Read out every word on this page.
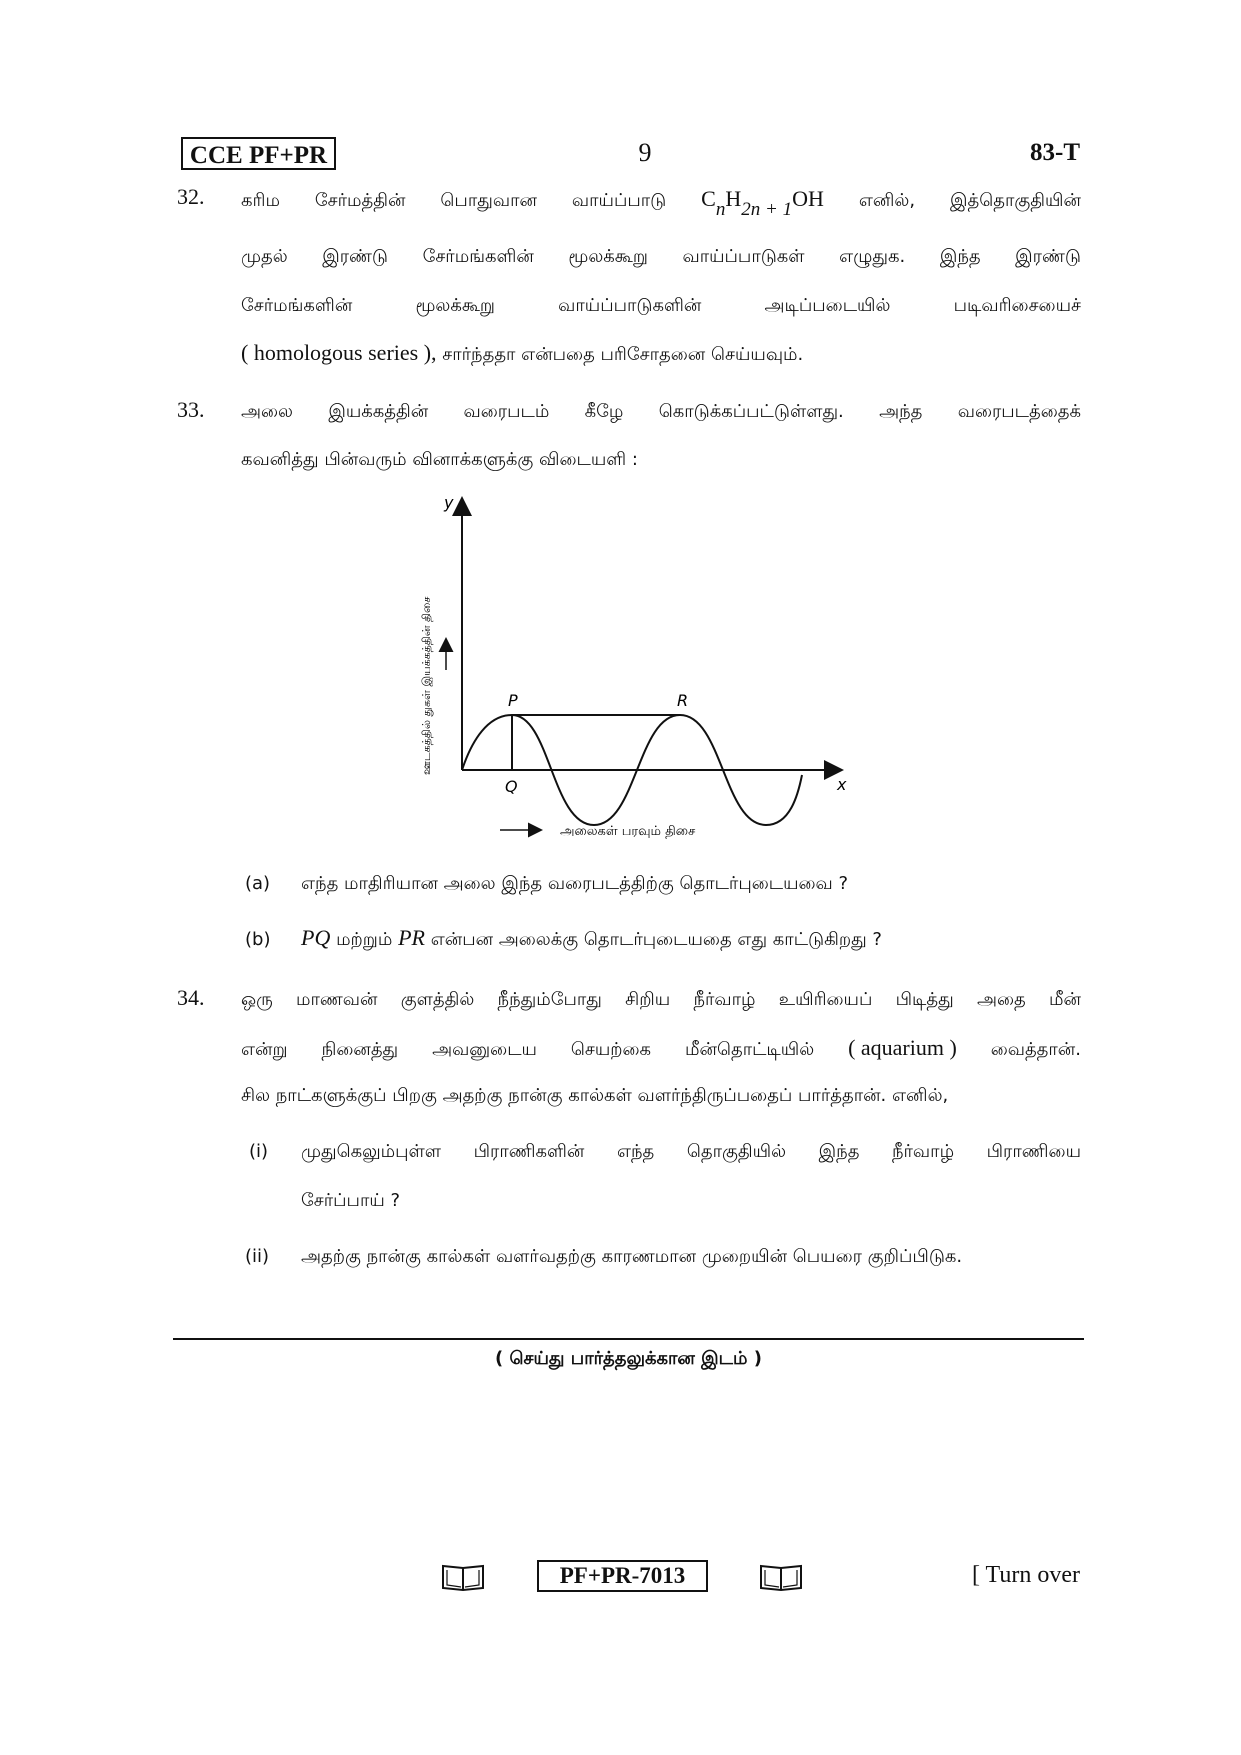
CCE PF+PR	9	83-T
32. கரிம சேர்மத்தின் பொதுவான வாய்ப்பாடு $C_nH_{2n + 1}OH$ எனில், இத்தொகுதியின்
முதல் இரண்டு சேர்மங்களின் மூலக்கூறு வாய்ப்பாடுகள் எழுதுக. இந்த இரண்டு
சேர்மங்களின்	மூலக்கூறு	வாய்ப்பாடுகளின்	அடிப்படையில்	படிவரிசையைச்
( homologous series ), சார்ந்ததா என்பதை பரிசோதனை செய்யவும்.
33. அலை இயக்கத்தின் வரைபடம் கீழே கொடுக்கப்பட்டுள்ளது. அந்த வரைபடத்தைக்
கவனித்து பின்வரும் வினாக்களுக்கு விடையளி :
y
x
P	R
Q
ஊடகத்தில் துகள் இயக்கத்தின் திசை
அலைகள் பரவும் திசை
(a) எந்த மாதிரியான அலை இந்த வரைபடத்திற்கு தொடர்புடையவை ?
(b) PQ மற்றும் PR என்பன அலைக்கு தொடர்புடையதை எது காட்டுகிறது ?
34. ஒரு மாணவன் குளத்தில் நீந்தும்போது சிறிய நீர்வாழ் உயிரியைப் பிடித்து அதை மீன்
என்று நினைத்து அவனுடைய செயற்கை மீன்தொட்டியில் ( aquarium ) வைத்தான்.
சில நாட்களுக்குப் பிறகு அதற்கு நான்கு கால்கள் வளர்ந்திருப்பதைப் பார்த்தான். எனில்,
(i) முதுகெலும்புள்ள பிராணிகளின் எந்த தொகுதியில் இந்த நீர்வாழ் பிராணியை
சேர்ப்பாய் ?
(ii) அதற்கு நான்கு கால்கள் வளர்வதற்கு காரணமான முறையின் பெயரை குறிப்பிடுக.
( செய்து பார்த்தலுக்கான இடம் )
PF+PR-7013	[ Turn over
